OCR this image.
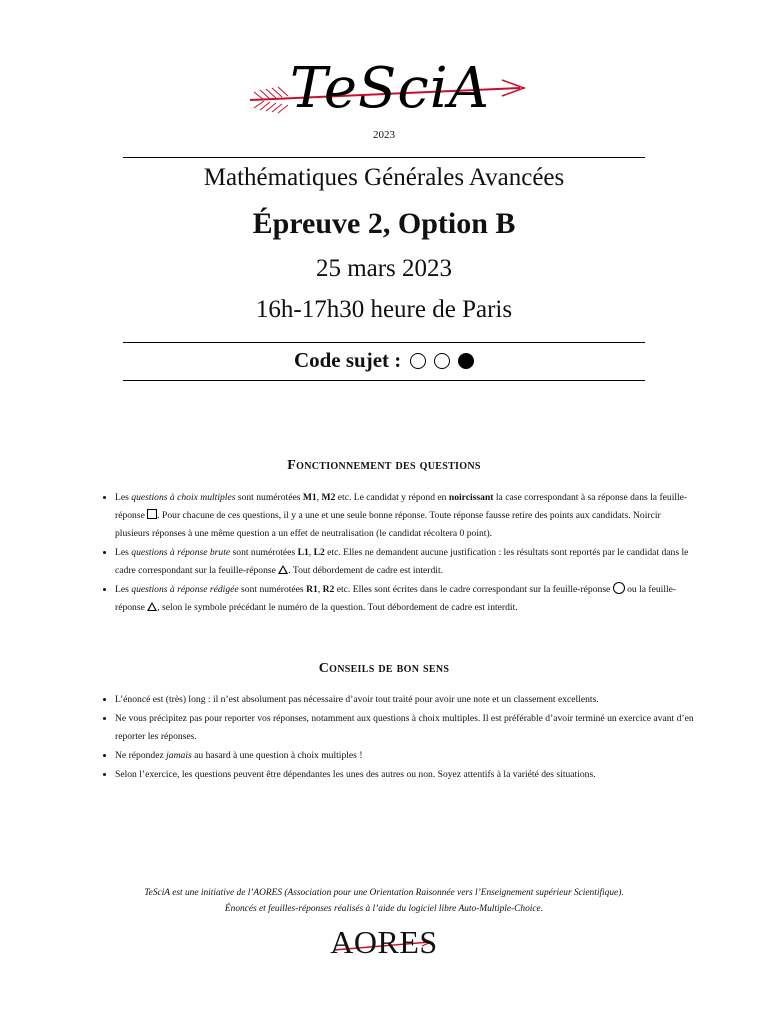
TeSciA
2023
Mathématiques Générales Avancées
Épreuve 2, Option B
25 mars 2023
16h-17h30 heure de Paris
Code sujet :
Fonctionnement des questions
• Les questions à choix multiples sont numérotées M1, M2 etc. Le candidat y répond en noircissant la case correspondant à sa réponse dans la feuille-réponse . Pour chacune de ces questions, il y a une et une seule bonne réponse. Toute réponse fausse retire des points aux candidats. Noircir plusieurs réponses à une même question a un effet de neutralisation (le candidat récoltera 0 point).
• Les questions à réponse brute sont numérotées L1, L2 etc. Elles ne demandent aucune justification : les résultats sont reportés par le candidat dans le cadre correspondant sur la feuille-réponse . Tout débordement de cadre est interdit.
• Les questions à réponse rédigée sont numérotées R1, R2 etc. Elles sont écrites dans le cadre correspondant sur la feuille-réponse  ou la feuille-réponse , selon le symbole précédant le numéro de la question. Tout débordement de cadre est interdit.
Conseils de bon sens
• L’énoncé est (très) long : il n’est absolument pas nécessaire d’avoir tout traité pour avoir une note et un classement excellents.
• Ne vous précipitez pas pour reporter vos réponses, notamment aux questions à choix multiples. Il est préférable d’avoir terminé un exercice avant d’en reporter les réponses.
• Ne répondez jamais au hasard à une question à choix multiples !
• Selon l’exercice, les questions peuvent être dépendantes les unes des autres ou non. Soyez attentifs à la variété des situations.
TeSciA est une initiative de l’AORES (Association pour une Orientation Raisonnée vers l’Enseignement supérieur Scientifique).
Énoncés et feuilles-réponses réalisés à l’aide du logiciel libre Auto-Multiple-Choice.
AORES
